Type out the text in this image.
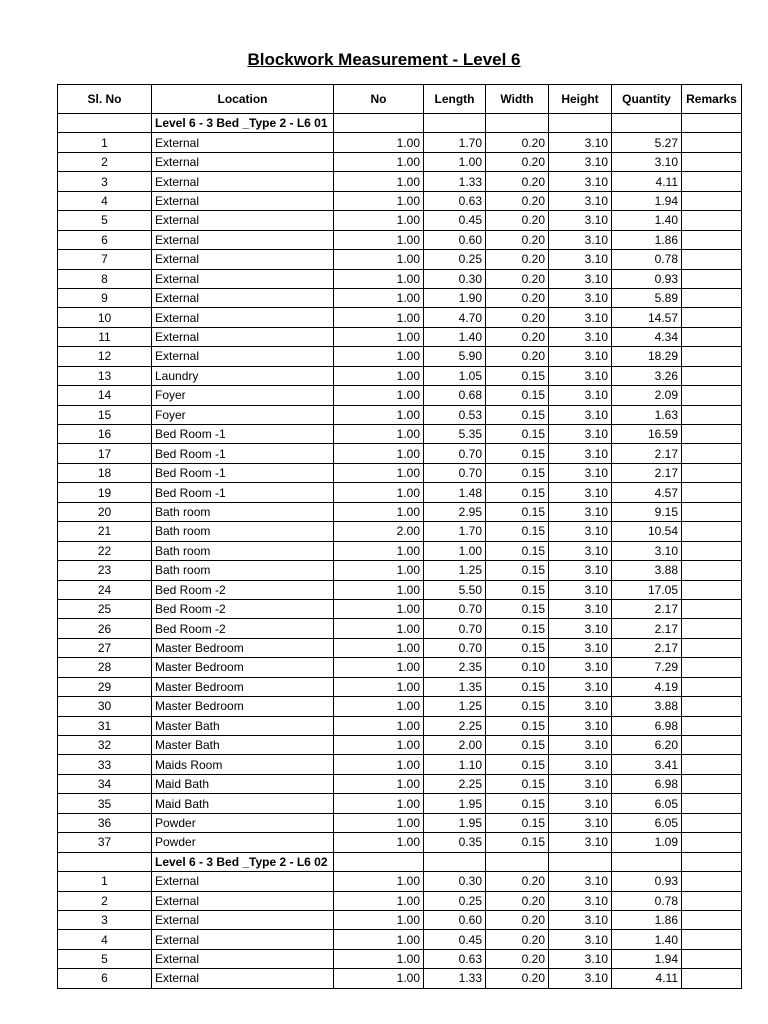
Blockwork Measurement - Level 6
Sl. No	Location	No	Length	Width	Height	Quantity	Remarks
	Level 6 - 3 Bed _Type 2 - L6 01						
1	External	1.00	1.70	0.20	3.10	5.27	
2	External	1.00	1.00	0.20	3.10	3.10	
3	External	1.00	1.33	0.20	3.10	4.11	
4	External	1.00	0.63	0.20	3.10	1.94	
5	External	1.00	0.45	0.20	3.10	1.40	
6	External	1.00	0.60	0.20	3.10	1.86	
7	External	1.00	0.25	0.20	3.10	0.78	
8	External	1.00	0.30	0.20	3.10	0.93	
9	External	1.00	1.90	0.20	3.10	5.89	
10	External	1.00	4.70	0.20	3.10	14.57	
11	External	1.00	1.40	0.20	3.10	4.34	
12	External	1.00	5.90	0.20	3.10	18.29	
13	Laundry	1.00	1.05	0.15	3.10	3.26	
14	Foyer	1.00	0.68	0.15	3.10	2.09	
15	Foyer	1.00	0.53	0.15	3.10	1.63	
16	Bed Room -1	1.00	5.35	0.15	3.10	16.59	
17	Bed Room -1	1.00	0.70	0.15	3.10	2.17	
18	Bed Room -1	1.00	0.70	0.15	3.10	2.17	
19	Bed Room -1	1.00	1.48	0.15	3.10	4.57	
20	Bath room	1.00	2.95	0.15	3.10	9.15	
21	Bath room	2.00	1.70	0.15	3.10	10.54	
22	Bath room	1.00	1.00	0.15	3.10	3.10	
23	Bath room	1.00	1.25	0.15	3.10	3.88	
24	Bed Room -2	1.00	5.50	0.15	3.10	17.05	
25	Bed Room -2	1.00	0.70	0.15	3.10	2.17	
26	Bed Room -2	1.00	0.70	0.15	3.10	2.17	
27	Master Bedroom	1.00	0.70	0.15	3.10	2.17	
28	Master Bedroom	1.00	2.35	0.10	3.10	7.29	
29	Master Bedroom	1.00	1.35	0.15	3.10	4.19	
30	Master Bedroom	1.00	1.25	0.15	3.10	3.88	
31	Master Bath	1.00	2.25	0.15	3.10	6.98	
32	Master Bath	1.00	2.00	0.15	3.10	6.20	
33	Maids Room	1.00	1.10	0.15	3.10	3.41	
34	Maid Bath	1.00	2.25	0.15	3.10	6.98	
35	Maid Bath	1.00	1.95	0.15	3.10	6.05	
36	Powder	1.00	1.95	0.15	3.10	6.05	
37	Powder	1.00	0.35	0.15	3.10	1.09	
	Level 6 - 3 Bed _Type 2 - L6 02						
1	External	1.00	0.30	0.20	3.10	0.93	
2	External	1.00	0.25	0.20	3.10	0.78	
3	External	1.00	0.60	0.20	3.10	1.86	
4	External	1.00	0.45	0.20	3.10	1.40	
5	External	1.00	0.63	0.20	3.10	1.94	
6	External	1.00	1.33	0.20	3.10	4.11	
